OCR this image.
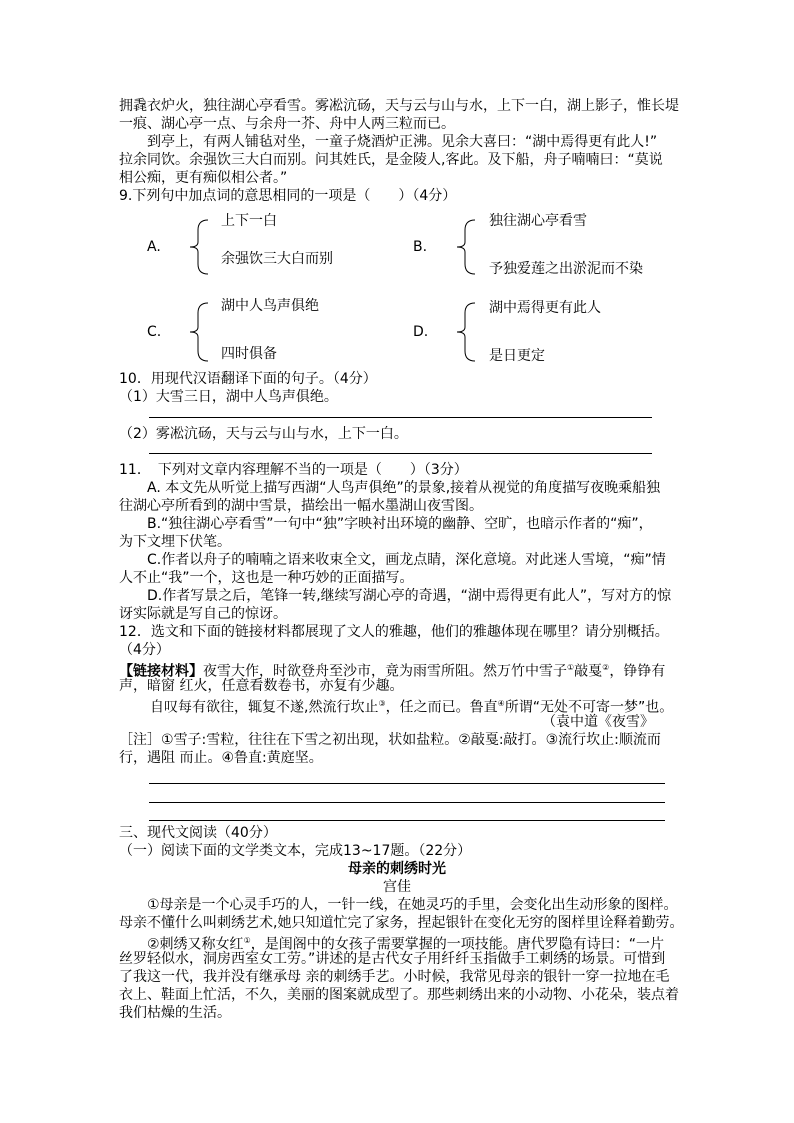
拥毳衣炉火，独往湖心亭看雪。雾凇沆砀，天与云与山与水，上下一白，湖上影子，惟长堤
一痕、湖心亭一点、与余舟一芥、舟中人两三粒而已。
到亭上，有两人铺毡对坐，一童子烧酒炉正沸。见余大喜曰：“湖中焉得更有此人!”
拉余同饮。余强饮三大白而别。问其姓氏，是金陵人,客此。及下船，舟子喃喃曰：“莫说
相公痴，更有痴似相公者。”
9.下列句中加点词的意思相同的一项是（　　）（4分）
A.
上下一白
余强饮三大白而别
B.
独往湖心亭看雪
予独爱莲之出淤泥而不染
C.
湖中人鸟声俱绝
四时俱备
D.
湖中焉得更有此人
是日更定
10．用现代汉语翻译下面的句子。（4分）
（1）大雪三日，湖中人鸟声俱绝。
（2）雾凇沆砀，天与云与山与水，上下一白。
11．　下列对文章内容理解不当的一项是（　　）（3分）
A. 本文先从听觉上描写西湖“人鸟声俱绝”的景象,接着从视觉的角度描写夜晚乘船独
往湖心亭所看到的湖中雪景，描绘出一幅水墨湖山夜雪图。
B.“独往湖心亭看雪”一句中“独”字映衬出环境的幽静、空旷，也暗示作者的“痴”，
为下文埋下伏笔。
C.作者以舟子的喃喃之语来收束全文，画龙点睛，深化意境。对此迷人雪境，“痴”情
人不止“我”一个，这也是一种巧妙的正面描写。
D.作者写景之后，笔锋一转,继续写湖心亭的奇遇，“湖中焉得更有此人”，写对方的惊
讶实际就是写自己的惊讶。
12．选文和下面的链接材料都展现了文人的雅趣，他们的雅趣体现在哪里？请分别概括。
（4分）
【链接材料】夜雪大作，时欲登舟至沙市，竟为雨雪所阻。然万竹中雪子①敲戛②，铮铮有
声，暗窗 红火，任意看数卷书，亦复有少趣。
自叹每有欲往，辄复不遂,然流行坎止③，任之而已。鲁直④所谓“无处不可寄一梦”也。
（袁中道《夜雪》
［注］①雪子:雪粒，往往在下雪之初出现，状如盐粒。②敲戛:敲打。③流行坎止:顺流而
行，遇阻 而止。④鲁直:黄庭坚。
三、现代文阅读（40分）
（一）阅读下面的文学类文本，完成13~17题。（22分）
母亲的刺绣时光
宫佳
①母亲是一个心灵手巧的人，一针一线，在她灵巧的手里，会变化出生动形象的图样。
母亲不懂什么叫刺绣艺术,她只知道忙完了家务，捏起银针在变化无穷的图样里诠释着勤劳。
②刺绣又称女红①，是闺阁中的女孩子需要掌握的一项技能。唐代罗隐有诗曰：“一片
丝罗轻似水，洞房西室女工劳。”讲述的是古代女子用纤纤玉指做手工刺绣的场景。可惜到
了我这一代，我并没有继承母 亲的刺绣手艺。小时候，我常见母亲的银针一穿一拉地在毛
衣上、鞋面上忙活，不久，美丽的图案就成型了。那些刺绣出来的小动物、小花朵，装点着
我们枯燥的生活。
